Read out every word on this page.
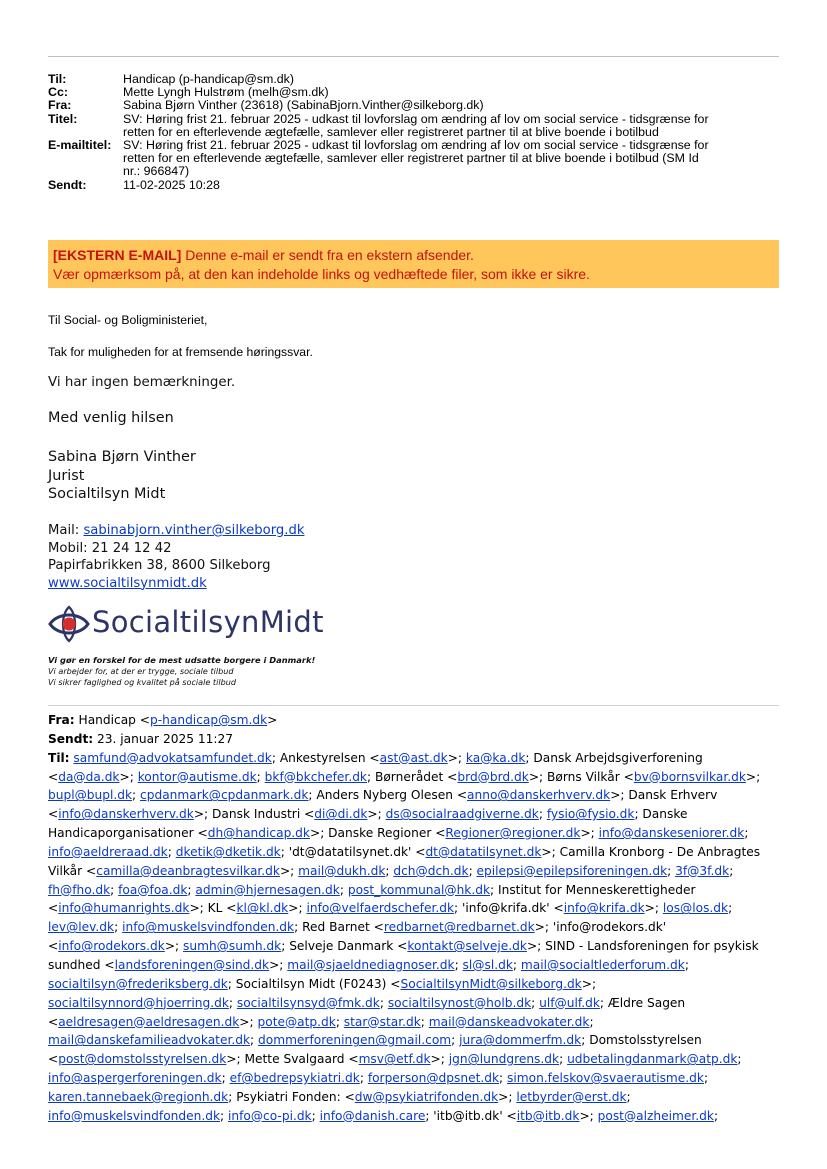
Til:	Handicap (p-handicap@sm.dk)
Cc:	Mette Lyngh Hulstrøm (melh@sm.dk)
Fra:	Sabina Bjørn Vinther (23618) (SabinaBjorn.Vinther@silkeborg.dk)
Titel:	SV: Høring frist 21. februar 2025 - udkast til lovforslag om ændring af lov om social service - tidsgrænse for
retten for en efterlevende ægtefælle, samlever eller registreret partner til at blive boende i botilbud
E-mailtitel: SV: Høring frist 21. februar 2025 - udkast til lovforslag om ændring af lov om social service - tidsgrænse for
retten for en efterlevende ægtefælle, samlever eller registreret partner til at blive boende i botilbud (SM Id
nr.: 966847)
Sendt:	11-02-2025 10:28
[EKSTERN E-MAIL] Denne e-mail er sendt fra en ekstern afsender.
Vær opmærksom på, at den kan indeholde links og vedhæftede filer, som ikke er sikre.
Til Social- og Boligministeriet,
Tak for muligheden for at fremsende høringssvar.
Vi har ingen bemærkninger.
Med venlig hilsen
Sabina Bjørn Vinther
Jurist
Socialtilsyn Midt
Mail: sabinabjorn.vinther@silkeborg.dk
Mobil: 21 24 12 42
Papirfabrikken 38, 8600 Silkeborg
www.socialtilsynmidt.dk
SocialtilsynMidt
Vi gør en forskel for de mest udsatte borgere i Danmark!
Vi arbejder for, at der er trygge, sociale tilbud
Vi sikrer faglighed og kvalitet på sociale tilbud
Fra: Handicap <p-handicap@sm.dk>
Sendt: 23. januar 2025 11:27
Til: samfund@advokatsamfundet.dk; Ankestyrelsen <ast@ast.dk>; ka@ka.dk; Dansk Arbejdsgiverforening
<da@da.dk>; kontor@autisme.dk; bkf@bkchefer.dk; Børnerådet <brd@brd.dk>; Børns Vilkår <bv@bornsvilkar.dk>;
bupl@bupl.dk; cpdanmark@cpdanmark.dk; Anders Nyberg Olesen <anno@danskerhverv.dk>; Dansk Erhverv
<info@danskerhverv.dk>; Dansk Industri <di@di.dk>; ds@socialraadgiverne.dk; fysio@fysio.dk; Danske
Handicaporganisationer <dh@handicap.dk>; Danske Regioner <Regioner@regioner.dk>; info@danskeseniorer.dk;
info@aeldreraad.dk; dketik@dketik.dk; 'dt@datatilsynet.dk' <dt@datatilsynet.dk>; Camilla Kronborg - De Anbragtes
Vilkår <camilla@deanbragtesvilkar.dk>; mail@dukh.dk; dch@dch.dk; epilepsi@epilepsiforeningen.dk; 3f@3f.dk;
fh@fho.dk; foa@foa.dk; admin@hjernesagen.dk; post_kommunal@hk.dk; Institut for Menneskerettigheder
<info@humanrights.dk>; KL <kl@kl.dk>; info@velfaerdschefer.dk; 'info@krifa.dk' <info@krifa.dk>; los@los.dk;
lev@lev.dk; info@muskelsvindfonden.dk; Red Barnet <redbarnet@redbarnet.dk>; 'info@rodekors.dk'
<info@rodekors.dk>; sumh@sumh.dk; Selveje Danmark <kontakt@selveje.dk>; SIND - Landsforeningen for psykisk
sundhed <landsforeningen@sind.dk>; mail@sjaeldnediagnoser.dk; sl@sl.dk; mail@socialtlederforum.dk;
socialtilsyn@frederiksberg.dk; Socialtilsyn Midt (F0243) <SocialtilsynMidt@silkeborg.dk>;
socialtilsynnord@hjoerring.dk; socialtilsynsyd@fmk.dk; socialtilsynost@holb.dk; ulf@ulf.dk; Ældre Sagen
<aeldresagen@aeldresagen.dk>; pote@atp.dk; star@star.dk; mail@danskeadvokater.dk;
mail@danskefamilieadvokater.dk; dommerforeningen@gmail.com; jura@dommerfm.dk; Domstolsstyrelsen
<post@domstolsstyrelsen.dk>; Mette Svalgaard <msv@etf.dk>; jgn@lundgrens.dk; udbetalingdanmark@atp.dk;
info@aspergerforeningen.dk; ef@bedrepsykiatri.dk; forperson@dpsnet.dk; simon.felskov@svaerautisme.dk;
karen.tannebaek@regionh.dk; Psykiatri Fonden: <dw@psykiatrifonden.dk>; letbyrder@erst.dk;
info@muskelsvindfonden.dk; info@co-pi.dk; info@danish.care; 'itb@itb.dk' <itb@itb.dk>; post@alzheimer.dk;
